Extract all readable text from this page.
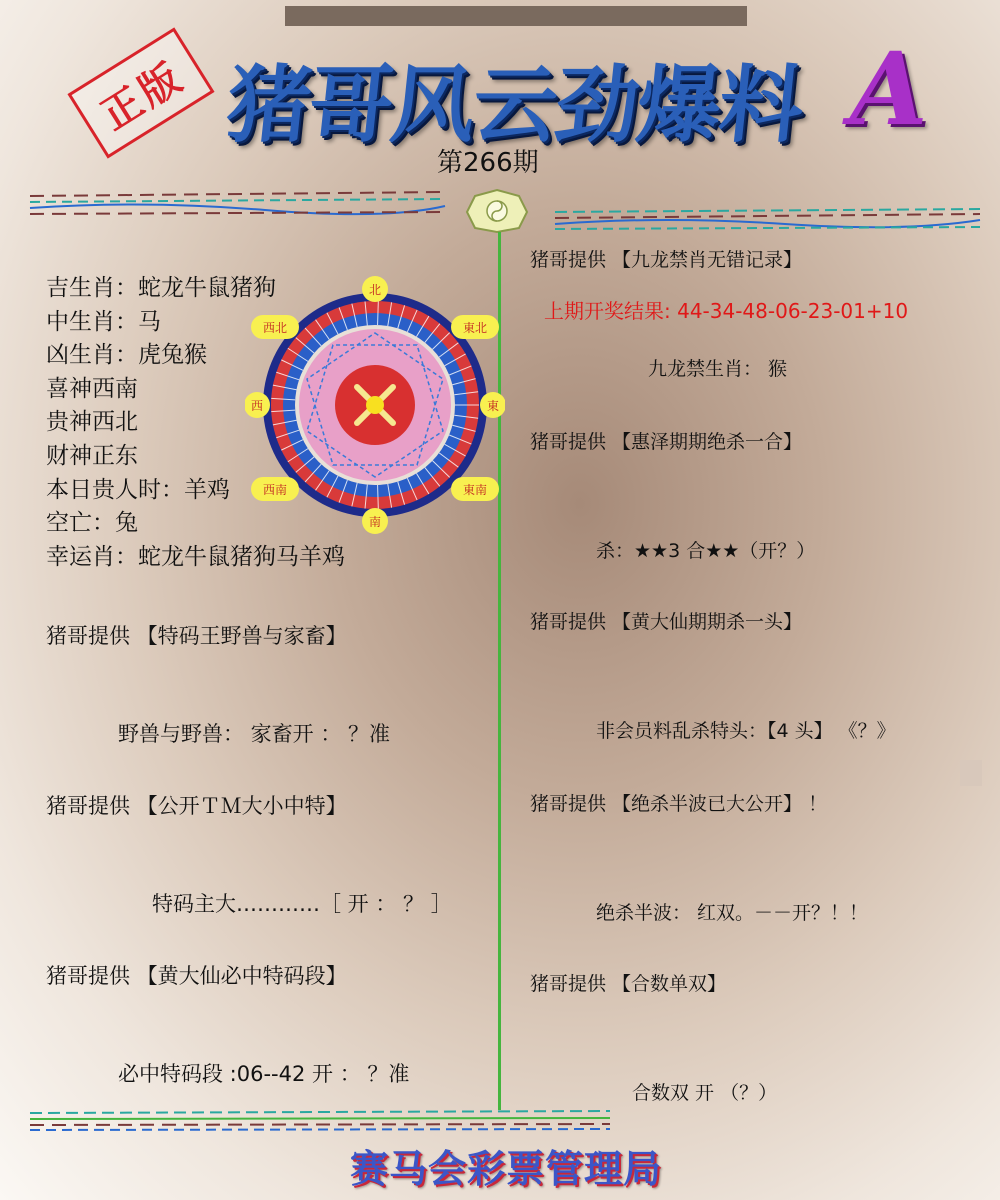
正版 猪哥风云劲爆料 A
第266期
吉生肖：蛇龙牛鼠猪狗
中生肖：马
凶生肖：虎兔猴
喜神西南
贵神西北
财神正东
本日贵人时：羊鸡
空亡：兔
幸运肖：蛇龙牛鼠猪狗马羊鸡
北
南
東
西
西北	東北
西南	東南
猪哥提供 【特码王野兽与家畜】
野兽与野兽： 家畜开 ： ？准
猪哥提供 【公开ＴＭ大小中特】
特码主大…………［ 开 ： ？ ］
猪哥提供 【黄大仙必中特码段】
必中特码段 :06--42 开 ： ？准
猪哥提供 【九龙禁肖无错记录】
上期开奖结果: 44-34-48-06-23-01+10
九龙禁生肖： 猴
猪哥提供 【惠泽期期绝杀一合】
杀：★★3 合★★（开？）
猪哥提供 【黄大仙期期杀一头】
非会员料乱杀特头：【4 头】 《？》
猪哥提供 【绝杀半波已大公开】 ！
绝杀半波： 红双。－－开？！！
猪哥提供 【合数单双】
合数双 开 （？）
赛马会彩票管理局
